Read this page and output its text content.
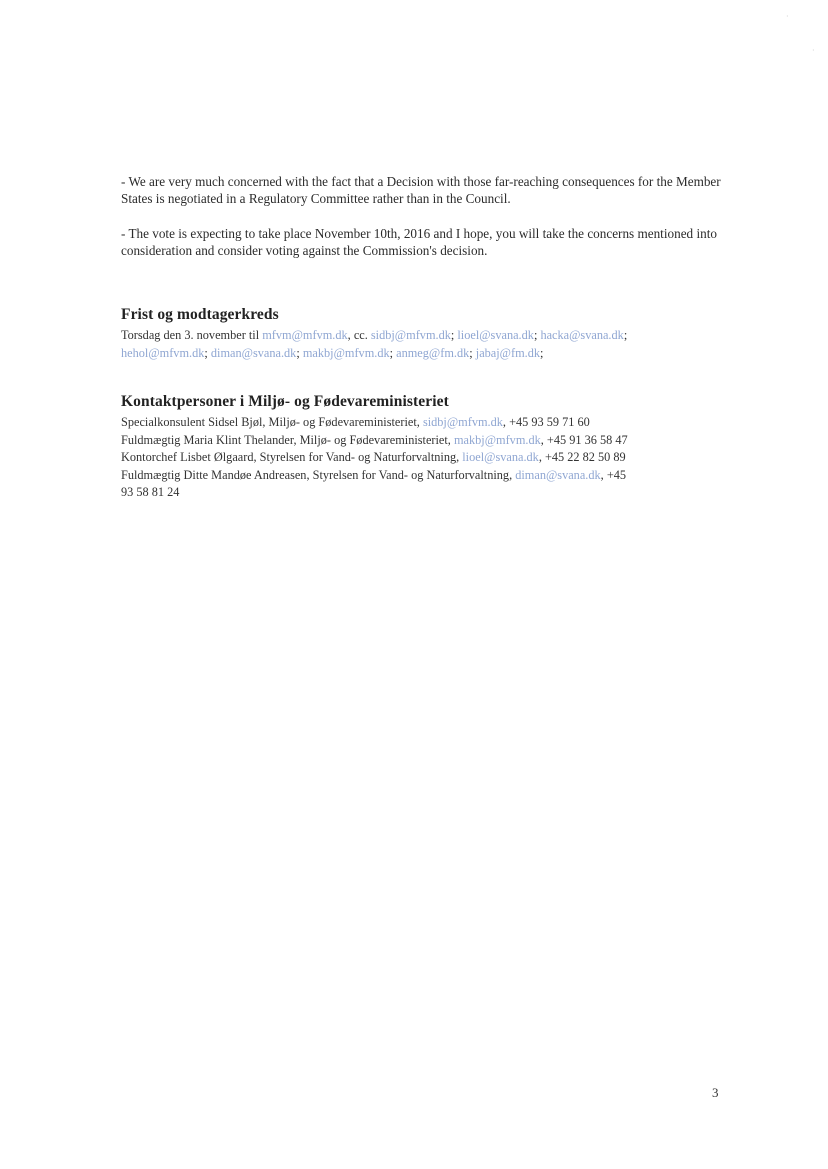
·
·
- We are very much concerned with the fact that a Decision with those far-reaching consequences for the Member States is negotiated in a Regulatory Committee rather than in the Council.
- The vote is expecting to take place November 10th, 2016 and I hope, you will take the concerns mentioned into consideration and consider voting against the Commission's decision.
Frist og modtagerkreds
Torsdag den 3. november til mfvm@mfvm.dk, cc. sidbj@mfvm.dk; lioel@svana.dk; hacka@svana.dk;
hehol@mfvm.dk; diman@svana.dk; makbj@mfvm.dk; anmeg@fm.dk; jabaj@fm.dk;
Kontaktpersoner i Miljø- og Fødevareministeriet
Specialkonsulent Sidsel Bjøl, Miljø- og Fødevareministeriet, sidbj@mfvm.dk, +45 93 59 71 60
Fuldmægtig Maria Klint Thelander, Miljø- og Fødevareministeriet, makbj@mfvm.dk, +45 91 36 58 47
Kontorchef Lisbet Ølgaard, Styrelsen for Vand- og Naturforvaltning, lioel@svana.dk, +45 22 82 50 89
Fuldmægtig Ditte Mandøe Andreasen, Styrelsen for Vand- og Naturforvaltning, diman@svana.dk, +45
93 58 81 24
3
